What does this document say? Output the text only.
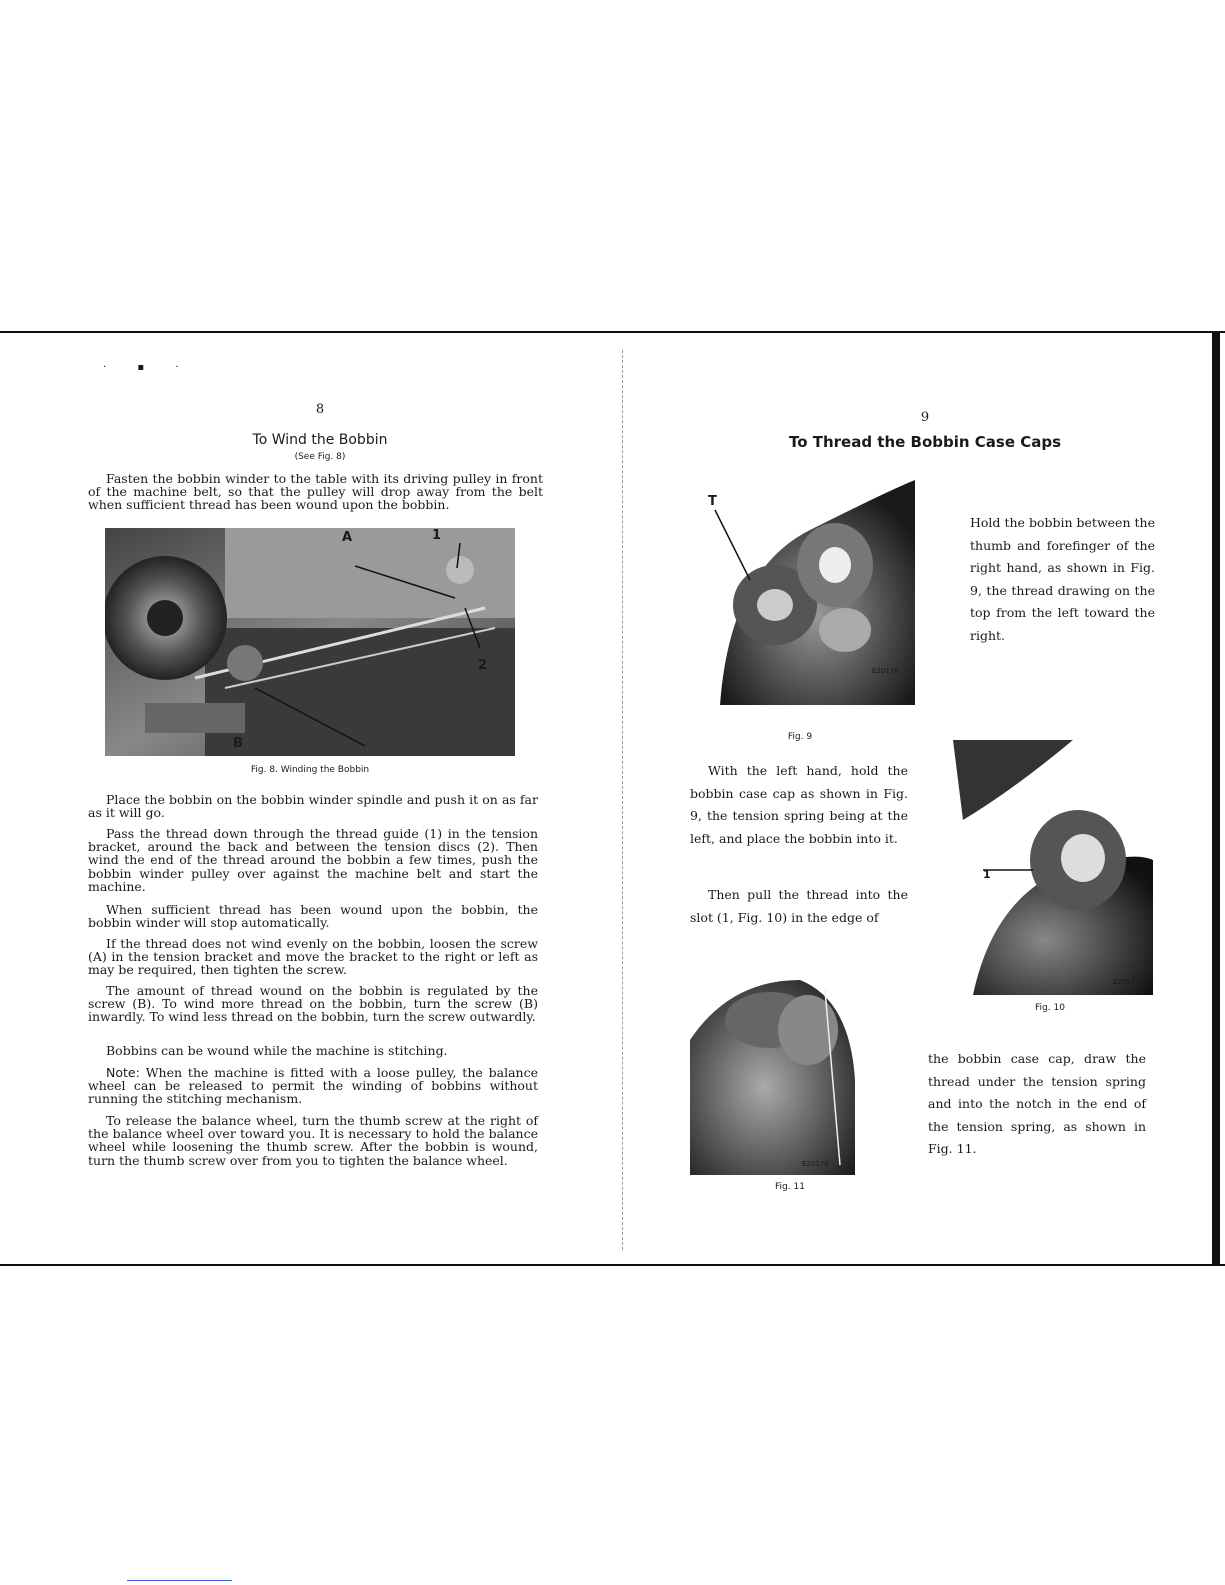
· ▪ ·
8
To Wind the Bobbin
(See Fig. 8)

Fasten the bobbin winder to the table with its driving pulley in front of the machine belt, so that the pulley will drop away from the belt when sufficient thread has been wound upon the bobbin.

A	1
2
B
Fig. 8. Winding the Bobbin

Place the bobbin on the bobbin winder spindle and push it on as far as it will go.

Pass the thread down through the thread guide (1) in the tension bracket, around the back and between the tension discs (2). Then wind the end of the thread around the bobbin a few times, push the bobbin winder pulley over against the machine belt and start the machine.

When sufficient thread has been wound upon the bobbin, the bobbin winder will stop automatically.

If the thread does not wind evenly on the bobbin, loosen the screw (A) in the tension bracket and move the bracket to the right or left as may be required, then tighten the screw.

The amount of thread wound on the bobbin is regulated by the screw (B). To wind more thread on the bobbin, turn the screw (B) inwardly. To wind less thread on the bobbin, turn the screw outwardly.

Bobbins can be wound while the machine is stitching.

Note: When the machine is fitted with a loose pulley, the balance wheel can be released to permit the winding of bobbins without running the stitching mechanism.

To release the balance wheel, turn the thumb screw at the right of the balance wheel over toward you. It is necessary to hold the balance wheel while loosening the thumb screw. After the bobbin is wound, turn the thumb screw over from you to tighten the balance wheel.

9
To Thread the Bobbin Case Caps
T
E20176
Fig. 9

Hold the bobbin between the thumb and forefinger of the right hand, as shown in Fig. 9, the thread drawing on the top from the left toward the right.

With the left hand, hold the bobbin case cap as shown in Fig. 9, the tension spring being at the left, and place the bobbin into it.

Then pull the thread into the slot (1, Fig. 10) in the edge of

1
E20177
Fig. 10
E20178
Fig. 11

the bobbin case cap, draw the thread under the tension spring and into the notch in the end of the tension spring, as shown in Fig. 11.
